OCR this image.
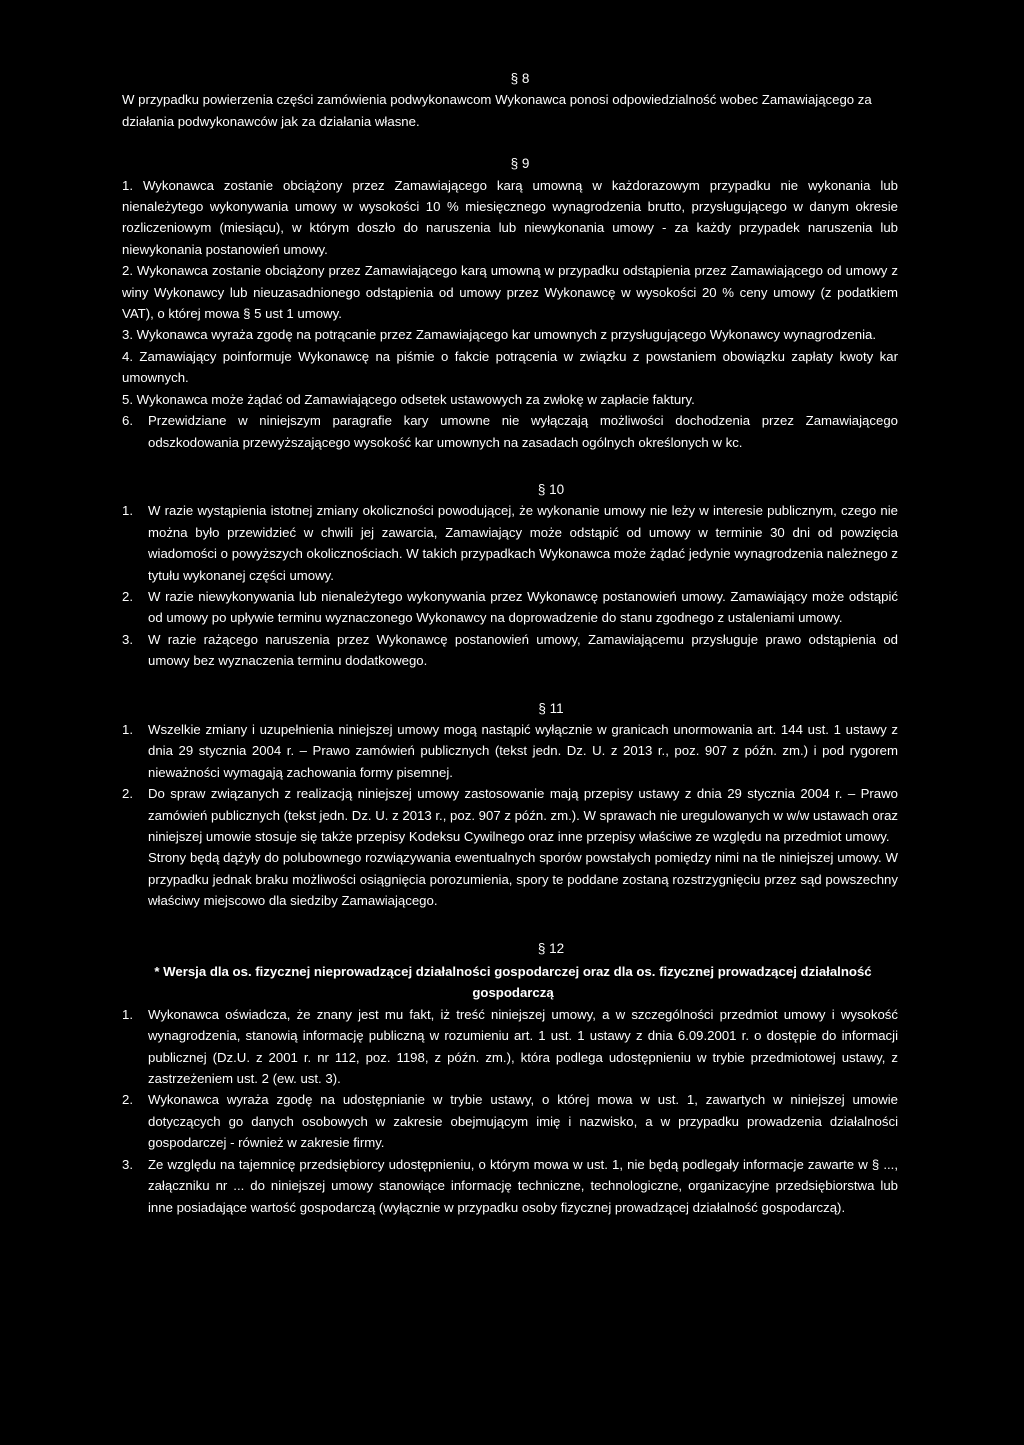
§ 8

W przypadku powierzenia części zamówienia podwykonawcom Wykonawca ponosi odpowiedzialność wobec Zamawiającego za działania podwykonawców jak za działania własne.

§ 9
1. Wykonawca zostanie obciążony przez Zamawiającego karą umowną w każdorazowym przypadku nie wykonania lub nienależytego wykonywania umowy w wysokości 10 % miesięcznego wynagrodzenia brutto, przysługującego w danym okresie rozliczeniowym (miesiącu), w którym doszło do naruszenia lub niewykonania umowy - za każdy przypadek naruszenia lub niewykonania postanowień umowy.
2. Wykonawca zostanie obciążony przez Zamawiającego karą umowną w przypadku odstąpienia przez Zamawiającego od umowy z winy Wykonawcy lub nieuzasadnionego odstąpienia od umowy przez Wykonawcę w wysokości 20 % ceny umowy (z podatkiem VAT), o której mowa § 5 ust 1 umowy.
3. Wykonawca wyraża zgodę na potrącanie przez Zamawiającego kar umownych z przysługującego Wykonawcy wynagrodzenia.
4. Zamawiający poinformuje Wykonawcę na piśmie o fakcie potrącenia w związku z powstaniem obowiązku zapłaty kwoty kar umownych.
5. Wykonawca może żądać od Zamawiającego odsetek ustawowych za zwłokę w zapłacie faktury.
6. Przewidziane w niniejszym paragrafie kary umowne nie wyłączają możliwości dochodzenia przez Zamawiającego odszkodowania przewyższającego wysokość kar umownych na zasadach ogólnych określonych w kc.
§ 10
1. W razie wystąpienia istotnej zmiany okoliczności powodującej, że wykonanie umowy nie leży w interesie publicznym, czego nie można było przewidzieć w chwili jej zawarcia, Zamawiający może odstąpić od umowy w terminie 30 dni od powzięcia wiadomości o powyższych okolicznościach. W takich przypadkach Wykonawca może żądać jedynie wynagrodzenia należnego z tytułu wykonanej części umowy.
2. W razie niewykonywania lub nienależytego wykonywania przez Wykonawcę postanowień umowy. Zamawiający może odstąpić od umowy po upływie terminu wyznaczonego Wykonawcy na doprowadzenie do stanu zgodnego z ustaleniami umowy.
3. W razie rażącego naruszenia przez Wykonawcę postanowień umowy, Zamawiającemu przysługuje prawo odstąpienia od umowy bez wyznaczenia terminu dodatkowego.
§ 11
1. Wszelkie zmiany i uzupełnienia niniejszej umowy mogą nastąpić wyłącznie w granicach unormowania art. 144 ust. 1 ustawy z dnia 29 stycznia 2004 r. – Prawo zamówień publicznych (tekst jedn. Dz. U. z 2013 r., poz. 907 z późn. zm.) i pod rygorem nieważności wymagają zachowania formy pisemnej.
2. Do spraw związanych z realizacją niniejszej umowy zastosowanie mają przepisy ustawy z dnia 29 stycznia 2004 r. – Prawo zamówień publicznych (tekst jedn. Dz. U. z 2013 r., poz. 907 z późn. zm.). W sprawach nie uregulowanych w w/w ustawach oraz niniejszej umowie stosuje się także przepisy Kodeksu Cywilnego oraz inne przepisy właściwe ze względu na przedmiot umowy.

Strony będą dążyły do polubownego rozwiązywania ewentualnych sporów powstałych pomiędzy nimi na tle niniejszej umowy. W przypadku jednak braku możliwości osiągnięcia porozumienia, spory te poddane zostaną rozstrzygnięciu przez sąd powszechny właściwy miejscowo dla siedziby Zamawiającego.

§ 12
* Wersja dla os. fizycznej nieprowadzącej działalności gospodarczej oraz dla os. fizycznej prowadzącej działalność gospodarczą
1. Wykonawca oświadcza, że znany jest mu fakt, iż treść niniejszej umowy, a w szczególności przedmiot umowy i wysokość wynagrodzenia, stanowią informację publiczną w rozumieniu art. 1 ust. 1 ustawy z dnia 6.09.2001 r. o dostępie do informacji publicznej (Dz.U. z 2001 r. nr 112, poz. 1198, z późn. zm.), która podlega udostępnieniu w trybie przedmiotowej ustawy, z zastrzeżeniem ust. 2 (ew. ust. 3).
2. Wykonawca wyraża zgodę na udostępnianie w trybie ustawy, o której mowa w ust. 1, zawartych w niniejszej umowie dotyczących go danych osobowych w zakresie obejmującym imię i nazwisko, a w przypadku prowadzenia działalności gospodarczej - również w zakresie firmy.
3. Ze względu na tajemnicę przedsiębiorcy udostępnieniu, o którym mowa w ust. 1, nie będą podlegały informacje zawarte w § ..., załączniku nr ... do niniejszej umowy stanowiące informację techniczne, technologiczne, organizacyjne przedsiębiorstwa lub inne posiadające wartość gospodarczą (wyłącznie w przypadku osoby fizycznej prowadzącej działalność gospodarczą).
